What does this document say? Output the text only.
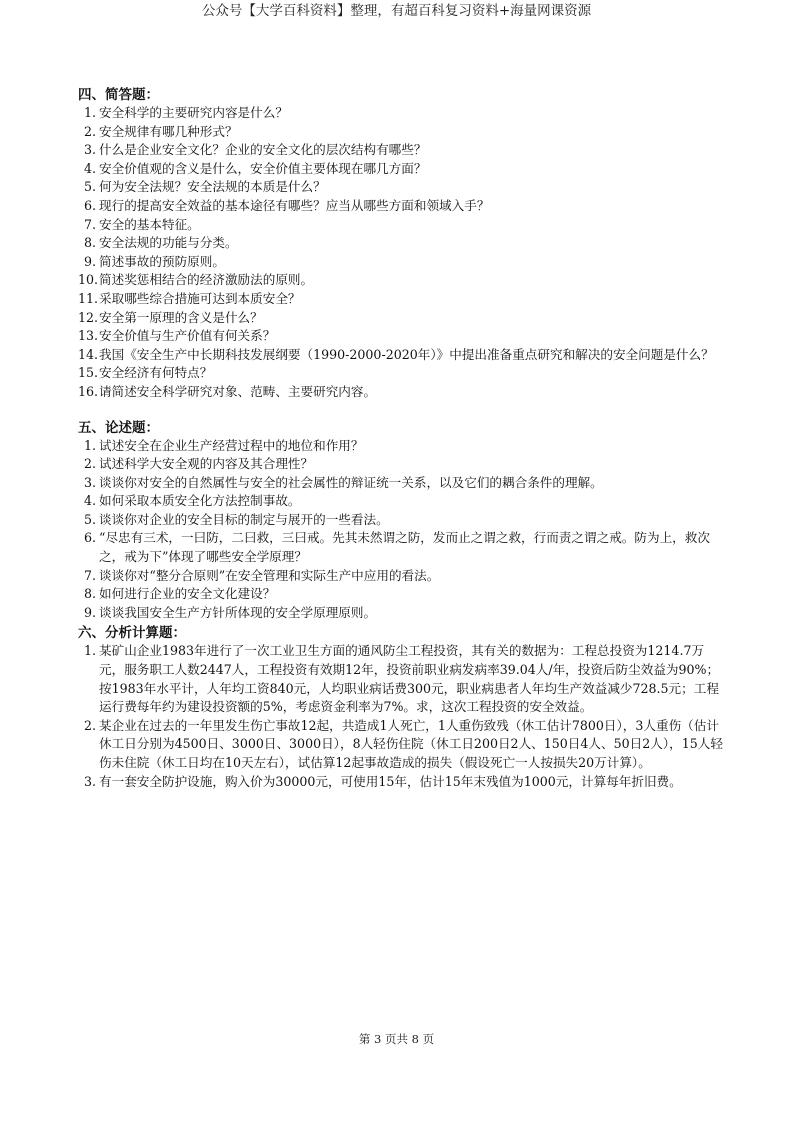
公众号【大学百科资料】整理，有超百科复习资料+海量网课资源
四、简答题：
1. 安全科学的主要研究内容是什么？
2. 安全规律有哪几种形式？
3. 什么是企业安全文化？企业的安全文化的层次结构有哪些？
4. 安全价值观的含义是什么，安全价值主要体现在哪几方面？
5. 何为安全法规？安全法规的本质是什么？
6. 现行的提高安全效益的基本途径有哪些？应当从哪些方面和领域入手？
7. 安全的基本特征。
8. 安全法规的功能与分类。
9. 简述事故的预防原则。
10. 简述奖惩相结合的经济激励法的原则。
11. 采取哪些综合措施可达到本质安全？
12. 安全第一原理的含义是什么？
13. 安全价值与生产价值有何关系？
14. 我国《安全生产中长期科技发展纲要（1990-2000-2020年）》中提出准备重点研究和解决的安全问题是什么？
15. 安全经济有何特点？
16. 请简述安全科学研究对象、范畴、主要研究内容。
五、论述题：
1. 试述安全在企业生产经营过程中的地位和作用？
2. 试述科学大安全观的内容及其合理性？
3. 谈谈你对安全的自然属性与安全的社会属性的辩证统一关系，以及它们的耦合条件的理解。
4. 如何采取本质安全化方法控制事故。
5. 谈谈你对企业的安全目标的制定与展开的一些看法。
6. “尽忠有三术，一曰防，二曰救，三曰戒。先其未然谓之防，发而止之谓之救，行而责之谓之戒。防为上，救次之，戒为下”体现了哪些安全学原理？
7. 谈谈你对“整分合原则”在安全管理和实际生产中应用的看法。
8. 如何进行企业的安全文化建设？
9. 谈谈我国安全生产方针所体现的安全学原理原则。
六、分析计算题：
1. 某矿山企业1983年进行了一次工业卫生方面的通风防尘工程投资，其有关的数据为：工程总投资为1214.7万元，服务职工人数2447人，工程投资有效期12年，投资前职业病发病率39.04人/年，投资后防尘效益为90%；按1983年水平计，人年均工资840元，人均职业病话费300元，职业病患者人年均生产效益减少728.5元；工程运行费每年约为建设投资额的5%，考虑资金利率为7%。求，这次工程投资的安全效益。
2. 某企业在过去的一年里发生伤亡事故12起，共造成1人死亡，1人重伤致残（休工估计7800日），3人重伤（估计休工日分别为4500日、3000日、3000日），8人轻伤住院（休工日200日2人、150日4人、50日2人），15人轻伤未住院（休工日均在10天左右），试估算12起事故造成的损失（假设死亡一人按损失20万计算）。
3. 有一套安全防护设施，购入价为30000元，可使用15年，估计15年末残值为1000元，计算每年折旧费。
第 3 页共 8 页
